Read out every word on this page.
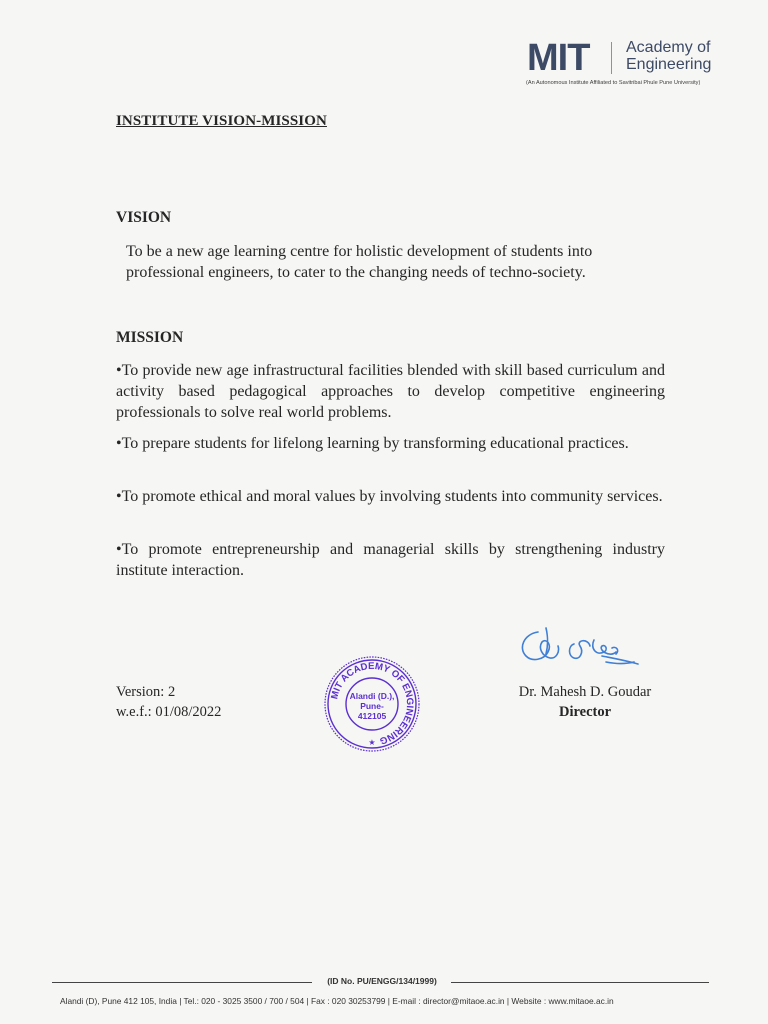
MIT Academy of
Engineering
(An Autonomous Institute Affiliated to Savitribai Phule Pune University)
INSTITUTE VISION-MISSION
VISION
To be a new age learning centre for holistic development of students into professional engineers, to cater to the changing needs of techno-society.
MISSION
•To provide new age infrastructural facilities blended with skill based curriculum and activity based pedagogical approaches to develop competitive engineering professionals to solve real world problems.
•To prepare students for lifelong learning by transforming educational practices.
•To promote ethical and moral values by involving students into community services.
•To promote entrepreneurship and managerial skills by strengthening industry institute interaction.
Version: 2
w.e.f.: 01/08/2022
MIT ACADEMY OF ENGINEERING
Alandi (D.),
Pune-
412105
★
Dr. Mahesh D. Goudar
Director
(ID No. PU/ENGG/134/1999)
Alandi (D), Pune 412 105, India | Tel.: 020 - 3025 3500 / 700 / 504 | Fax : 020 30253799 | E-mail : director@mitaoe.ac.in | Website : www.mitaoe.ac.in
